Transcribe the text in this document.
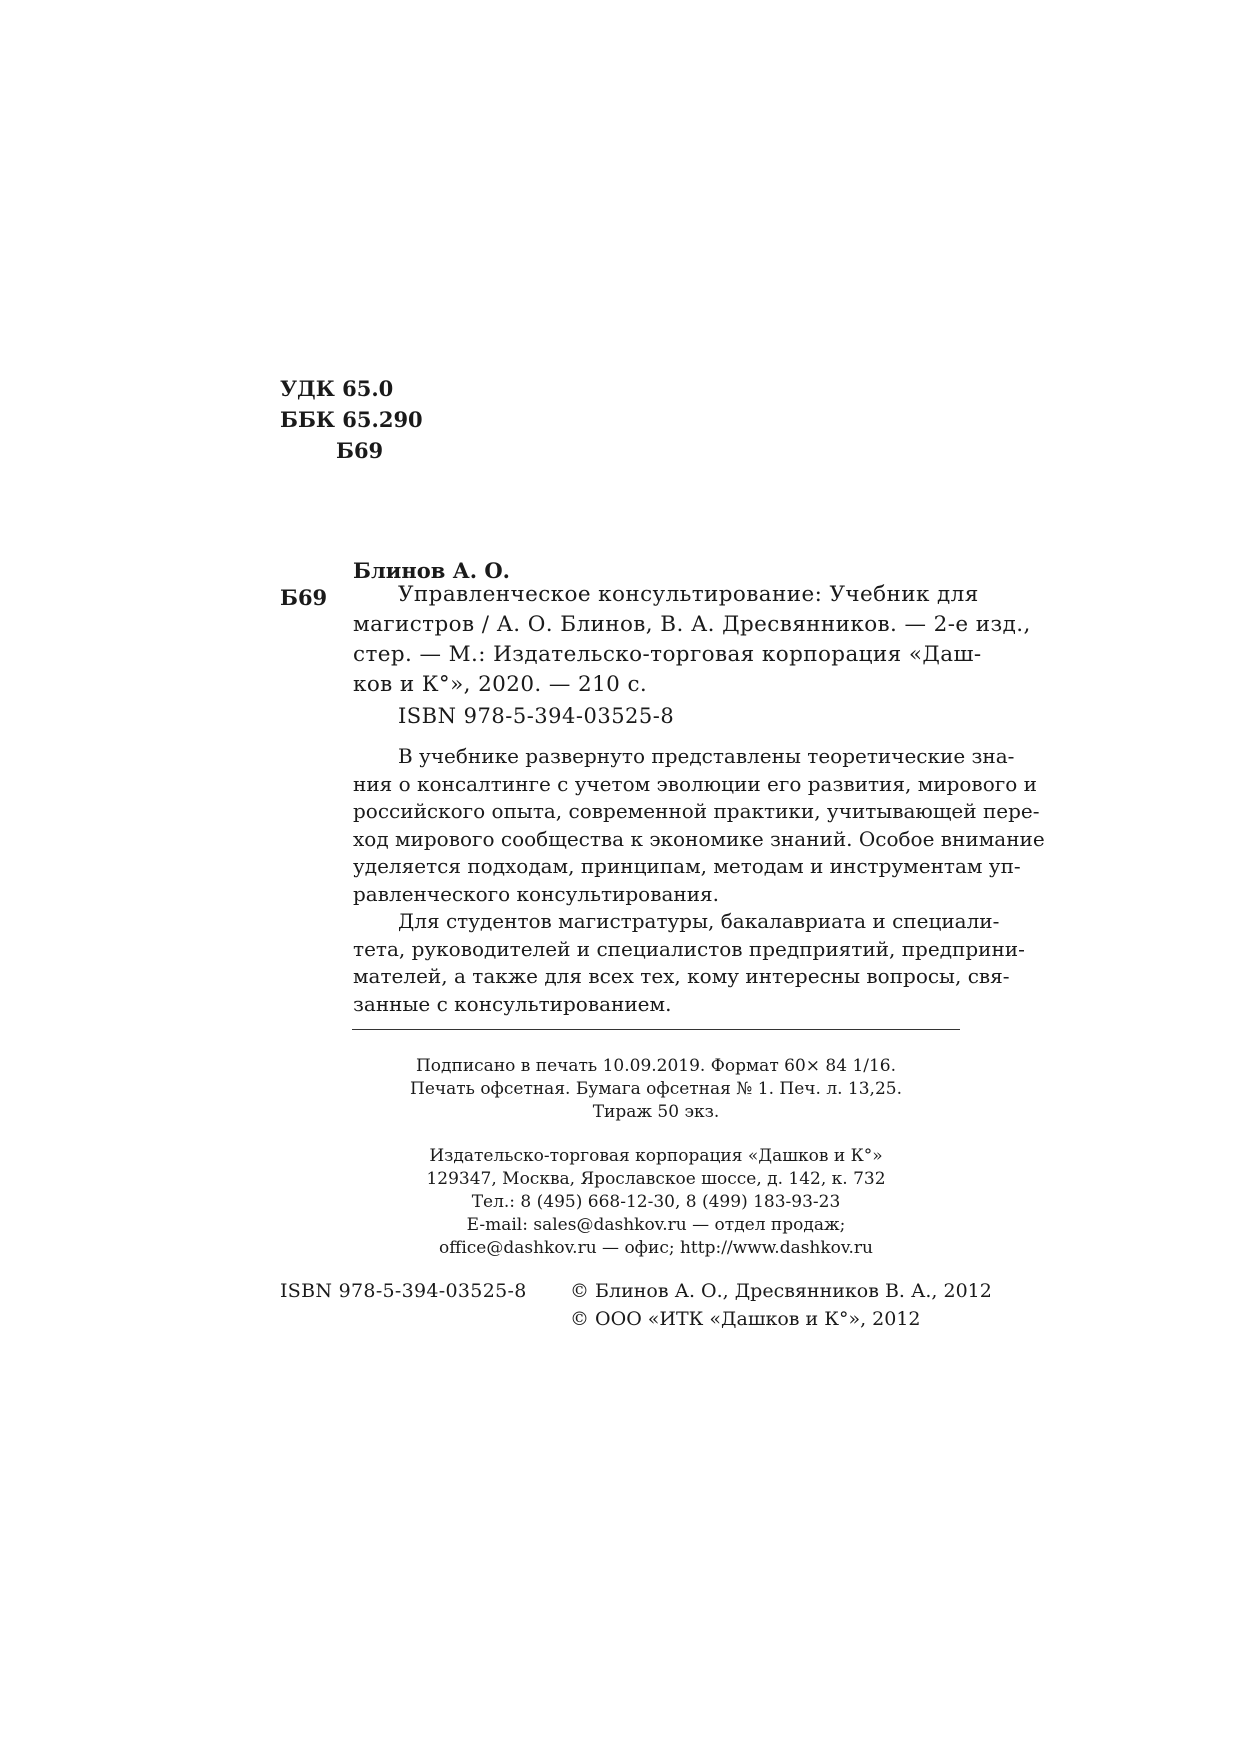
УДК 65.0
ББК 65.290
Б69
Блинов А. О.
Б69	Управленческое консультирование: Учебник для
магистров / А. О. Блинов, В. А. Дресвянников. — 2-е изд.,
стер. — М.: Издательско-торговая корпорация «Даш-
ков и К°», 2020. — 210 с.
ISBN 978-5-394-03525-8

В учебнике развернуто представлены теоретические зна-
ния о консалтинге с учетом эволюции его развития, мирового и
российского опыта, современной практики, учитывающей пере-
ход мирового сообщества к экономике знаний. Особое внимание
уделяется подходам, принципам, методам и инструментам уп-
равленческого консультирования.

Для студентов магистратуры, бакалавриата и специали-
тета, руководителей и специалистов предприятий, предприни-
мателей, а также для всех тех, кому интересны вопросы, свя-
занные с консультированием.

Подписано в печать 10.09.2019. Формат 60× 84 1/16.
Печать офсетная. Бумага офсетная № 1. Печ. л. 13,25.
Тираж 50 экз.
Издательско-торговая корпорация «Дашков и К°»
129347, Москва, Ярославское шоссе, д. 142, к. 732
Тел.: 8 (495) 668-12-30, 8 (499) 183-93-23
E-mail: sales@dashkov.ru — отдел продаж;
office@dashkov.ru — офис; http://www.dashkov.ru
ISBN 978-5-394-03525-8 © Блинов А. О., Дресвянников В. А., 2012
© ООО «ИТК «Дашков и К°», 2012
